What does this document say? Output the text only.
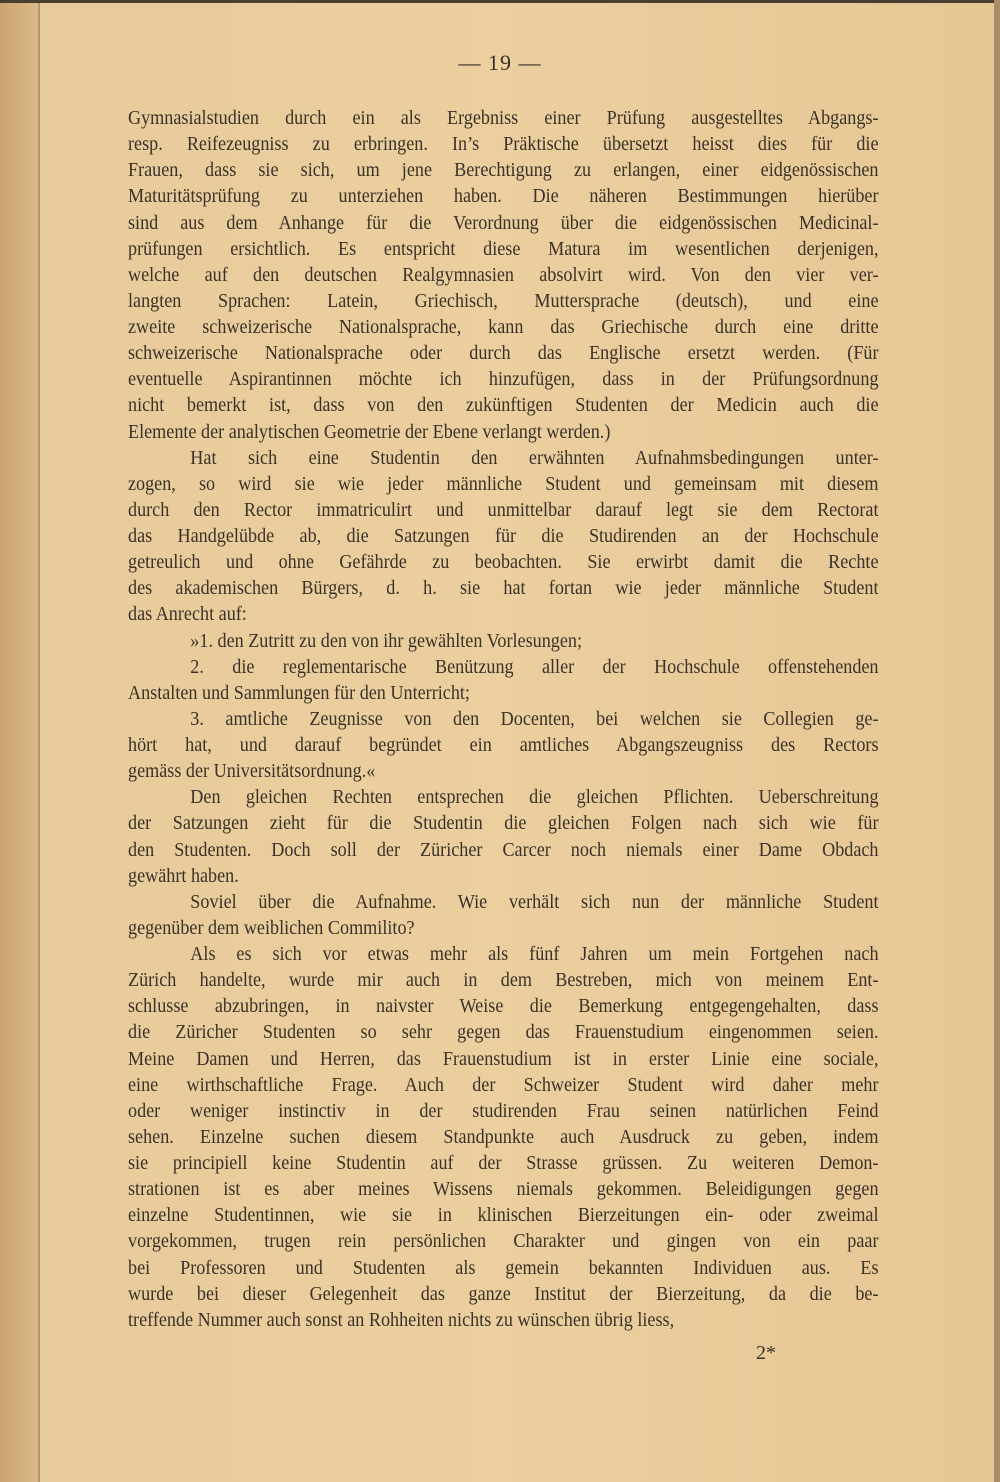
— 19 —
Gymnasialstudien durch ein als Ergebniss einer Prüfung ausgestelltes Abgangs-
resp. Reifezeugniss zu erbringen. In’s Präktische übersetzt heisst dies für die
Frauen, dass sie sich, um jene Berechtigung zu erlangen, einer eidgenössischen
Maturitätsprüfung zu unterziehen haben. Die näheren Bestimmungen hierüber
sind aus dem Anhange für die Verordnung über die eidgenössischen Medicinal-
prüfungen ersichtlich. Es entspricht diese Matura im wesentlichen derjenigen,
welche auf den deutschen Realgymnasien absolvirt wird. Von den vier ver-
langten Sprachen: Latein, Griechisch, Muttersprache (deutsch), und eine
zweite schweizerische Nationalsprache, kann das Griechische durch eine dritte
schweizerische Nationalsprache oder durch das Englische ersetzt werden. (Für
eventuelle Aspirantinnen möchte ich hinzufügen, dass in der Prüfungsordnung
nicht bemerkt ist, dass von den zukünftigen Studenten der Medicin auch die
Elemente der analytischen Geometrie der Ebene verlangt werden.)
Hat sich eine Studentin den erwähnten Aufnahmsbedingungen unter-
zogen, so wird sie wie jeder männliche Student und gemeinsam mit diesem
durch den Rector immatriculirt und unmittelbar darauf legt sie dem Rectorat
das Handgelübde ab, die Satzungen für die Studirenden an der Hochschule
getreulich und ohne Gefährde zu beobachten. Sie erwirbt damit die Rechte
des akademischen Bürgers, d. h. sie hat fortan wie jeder männliche Student
das Anrecht auf:
»1. den Zutritt zu den von ihr gewählten Vorlesungen;
2. die reglementarische Benützung aller der Hochschule offenstehenden
Anstalten und Sammlungen für den Unterricht;
3. amtliche Zeugnisse von den Docenten, bei welchen sie Collegien ge-
hört hat, und darauf begründet ein amtliches Abgangszeugniss des Rectors
gemäss der Universitätsordnung.«
Den gleichen Rechten entsprechen die gleichen Pflichten. Ueberschreitung
der Satzungen zieht für die Studentin die gleichen Folgen nach sich wie für
den Studenten. Doch soll der Züricher Carcer noch niemals einer Dame Obdach
gewährt haben.
Soviel über die Aufnahme. Wie verhält sich nun der männliche Student
gegenüber dem weiblichen Commilito?
Als es sich vor etwas mehr als fünf Jahren um mein Fortgehen nach
Zürich handelte, wurde mir auch in dem Bestreben, mich von meinem Ent-
schlusse abzubringen, in naivster Weise die Bemerkung entgegengehalten, dass
die Züricher Studenten so sehr gegen das Frauenstudium eingenommen seien.
Meine Damen und Herren, das Frauenstudium ist in erster Linie eine sociale,
eine wirthschaftliche Frage. Auch der Schweizer Student wird daher mehr
oder weniger instinctiv in der studirenden Frau seinen natürlichen Feind
sehen. Einzelne suchen diesem Standpunkte auch Ausdruck zu geben, indem
sie principiell keine Studentin auf der Strasse grüssen. Zu weiteren Demon-
strationen ist es aber meines Wissens niemals gekommen. Beleidigungen gegen
einzelne Studentinnen, wie sie in klinischen Bierzeitungen ein- oder zweimal
vorgekommen, trugen rein persönlichen Charakter und gingen von ein paar
bei Professoren und Studenten als gemein bekannten Individuen aus. Es
wurde bei dieser Gelegenheit das ganze Institut der Bierzeitung, da die be-
treffende Nummer auch sonst an Rohheiten nichts zu wünschen übrig liess,
2*
